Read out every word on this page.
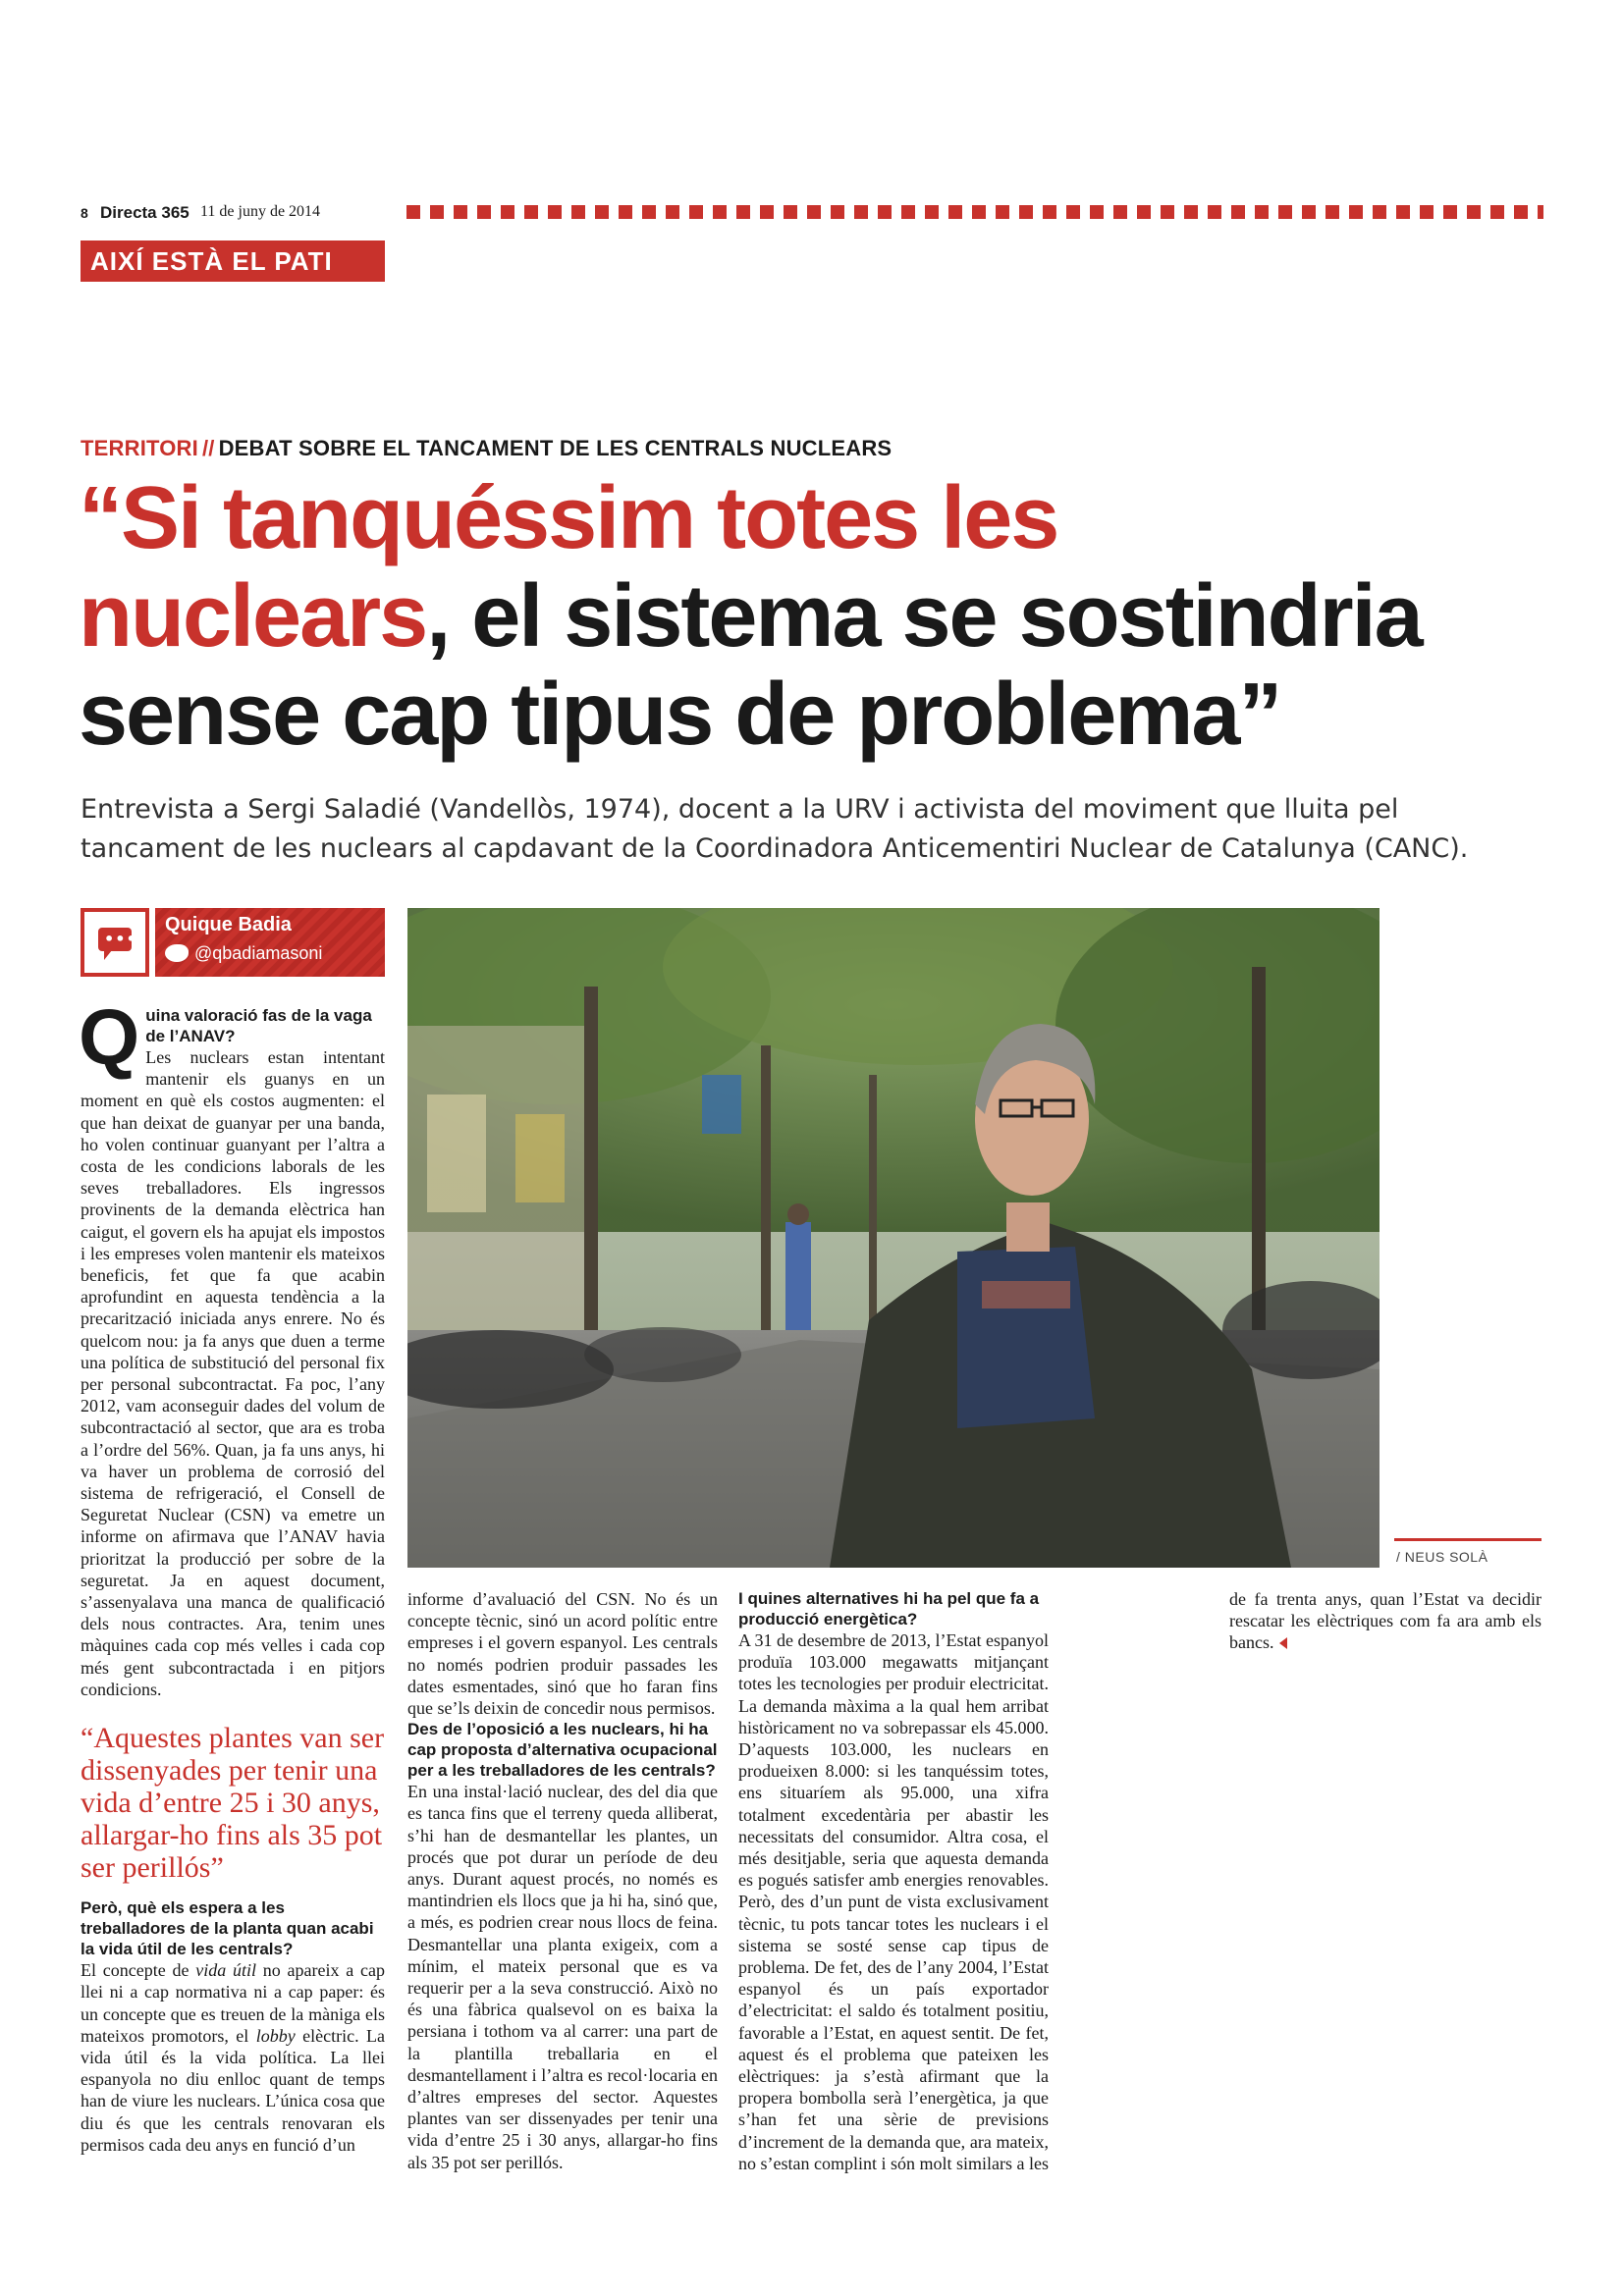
8 Directa 365 11 de juny de 2014
AIXÍ ESTÀ EL PATI
TERRITORI // DEBAT SOBRE EL TANCAMENT DE LES CENTRALS NUCLEARS
“Si tanquéssim totes les
nuclears, el sistema se sostindria
sense cap tipus de problema”
Entrevista a Sergi Saladié (Vandellòs, 1974), docent a la URV i activista del moviment que lluita pel tancament de les nuclears al capdavant de la Coordinadora Anticementiri Nuclear de Catalunya (CANC).
•••
Quique Badia
@qbadiamasoni
/ NEUS SOLÀ

Q uina valoració fas de la vaga de l’ANAV?

Les nuclears estan intentant mantenir els guanys en un moment en què els costos augmenten: el que han deixat de guanyar per una banda, ho volen continuar guanyant per l’altra a costa de les condicions laborals de les seves treballadores. Els ingressos provinents de la demanda elèctrica han caigut, el govern els ha apujat els impostos i les empreses volen mantenir els mateixos beneficis, fet que fa que acabin aprofundint en aquesta tendència a la precarització iniciada anys enrere. No és quelcom nou: ja fa anys que duen a terme una política de substitució del personal fix per personal subcontractat. Fa poc, l’any 2012, vam aconseguir dades del volum de subcontractació al sector, que ara es troba a l’ordre del 56%. Quan, ja fa uns anys, hi va haver un problema de corrosió del sistema de refrigeració, el Consell de Seguretat Nuclear (CSN) va emetre un informe on afirmava que l’ANAV havia prioritzat la producció per sobre de la seguretat. Ja en aquest document, s’assenyalava una manca de qualificació dels nous contractes. Ara, tenim unes màquines cada cop més velles i cada cop més gent subcontractada i en pitjors condicions.

“Aquestes plantes van ser dissenyades per tenir una vida d’entre 25 i 30 anys, allargar-ho fins als 35 pot ser perillós”

Però, què els espera a les treballadores de la planta quan acabi la vida útil de les centrals?

El concepte de vida útil no apareix a cap llei ni a cap normativa ni a cap paper: és un concepte que es treuen de la màniga els mateixos promotors, el lobby elèctric. La vida útil és la vida política. La llei espanyola no diu enlloc quant de temps han de viure les nuclears. L’única cosa que diu és que les centrals renovaran els permisos cada deu anys en funció d’un

informe d’avaluació del CSN. No és un concepte tècnic, sinó un acord polític entre empreses i el govern espanyol. Les centrals no només podrien produir passades les dates esmentades, sinó que ho faran fins que se’ls deixin de concedir nous permisos.

Des de l’oposició a les nuclears, hi ha cap proposta d’alternativa ocupacional per a les treballadores de les centrals?

En una instal·lació nuclear, des del dia que es tanca fins que el terreny queda alliberat, s’hi han de desmantellar les plantes, un procés que pot durar un període de deu anys. Durant aquest procés, no només es mantindrien els llocs que ja hi ha, sinó que, a més, es podrien crear nous llocs de feina. Desmantellar una planta exigeix, com a mínim, el mateix personal que es va requerir per a la seva construcció. Això no és una fàbrica qualsevol on es baixa la persiana i tothom va al carrer: una part de la plantilla treballaria en el desmantellament i l’altra es recol·locaria en d’altres empreses del sector. Aquestes plantes van ser dissenyades per tenir una vida d’entre 25 i 30 anys, allargar-ho fins als 35 pot ser perillós.

I quines alternatives hi ha pel que fa a producció energètica?

A 31 de desembre de 2013, l’Estat espanyol produïa 103.000 megawatts mitjançant totes les tecnologies per produir electricitat. La demanda màxima a la qual hem arribat històricament no va sobrepassar els 45.000. D’aquests 103.000, les nuclears en produeixen 8.000: si les tanquéssim totes, ens situaríem als 95.000, una xifra totalment excedentària per abastir les necessitats del consumidor. Altra cosa, el més desitjable, seria que aquesta demanda es pogués satisfer amb energies renovables. Però, des d’un punt de vista exclusivament tècnic, tu pots tancar totes les nuclears i el sistema se sosté sense cap tipus de problema. De fet, des de l’any 2004, l’Estat espanyol és un país exportador d’electricitat: el saldo és totalment positiu, favorable a l’Estat, en aquest sentit. De fet, aquest és el problema que pateixen les elèctriques: ja s’està afirmant que la propera bombolla serà l’energètica, ja que s’han fet una sèrie de previsions d’increment de la demanda que, ara mateix, no s’estan complint i són molt similars a les

de fa trenta anys, quan l’Estat va decidir rescatar les elèctriques com fa ara amb els bancs.
